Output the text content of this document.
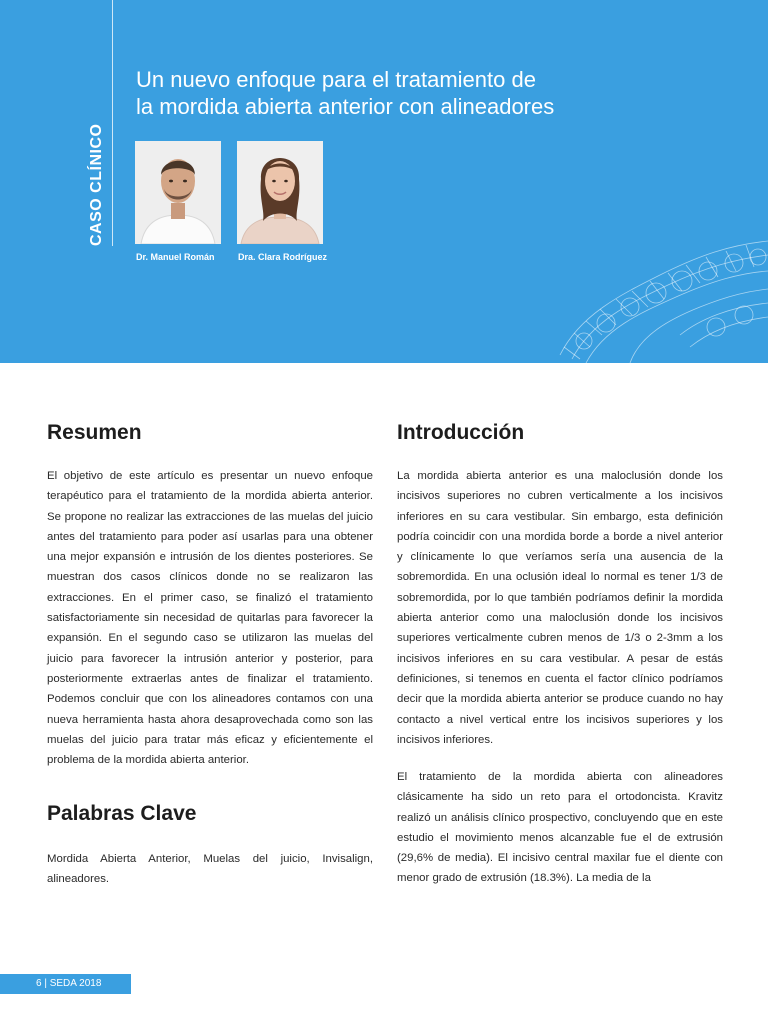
CASO CLÍNICO
Un nuevo enfoque para el tratamiento de
la mordida abierta anterior con alineadores
Dr. Manuel Román	Dra. Clara Rodríguez
Resumen
El objetivo de este artículo es presentar un nuevo enfoque terapéutico para el tratamiento de la mordida abierta anterior. Se propone no realizar las extracciones de las muelas del juicio antes del tratamiento para poder así usarlas para una obtener una mejor expansión e intrusión de los dientes posteriores. Se muestran dos casos clínicos donde no se realizaron las extracciones. En el primer caso, se finalizó el tratamiento satisfactoriamente sin necesidad de quitarlas para favorecer la expansión. En el segundo caso se utilizaron las muelas del juicio para favorecer la intrusión anterior y posterior, para posteriormente extraerlas antes de finalizar el tratamiento. Podemos concluir que con los alineadores contamos con una nueva herramienta hasta ahora desaprovechada como son las muelas del juicio para tratar más eficaz y eficientemente el problema de la mordida abierta anterior.
Palabras Clave
Mordida Abierta Anterior, Muelas del juicio, Invisalign, alineadores.
Introducción
La mordida abierta anterior es una maloclusión donde los incisivos superiores no cubren verticalmente a los incisivos inferiores en su cara vestibular. Sin embargo, esta definición podría coincidir con una mordida borde a borde a nivel anterior y clínicamente lo que veríamos sería una ausencia de la sobremordida. En una oclusión ideal lo normal es tener 1/3 de sobremordida, por lo que también podríamos definir la mordida abierta anterior como una maloclusión donde los incisivos superiores verticalmente cubren menos de 1/3 o 2-3mm a los incisivos inferiores en su cara vestibular. A pesar de estás definiciones, si tenemos en cuenta el factor clínico podríamos decir que la mordida abierta anterior se produce cuando no hay contacto a nivel vertical entre los incisivos superiores y los incisivos inferiores.
El tratamiento de la mordida abierta con alineadores clásicamente ha sido un reto para el ortodoncista. Kravitz realizó un análisis clínico prospectivo, concluyendo que en este estudio el movimiento menos alcanzable fue el de extrusión (29,6% de media). El incisivo central maxilar fue el diente con menor grado de extrusión (18.3%). La media de la
6 | SEDA 2018
